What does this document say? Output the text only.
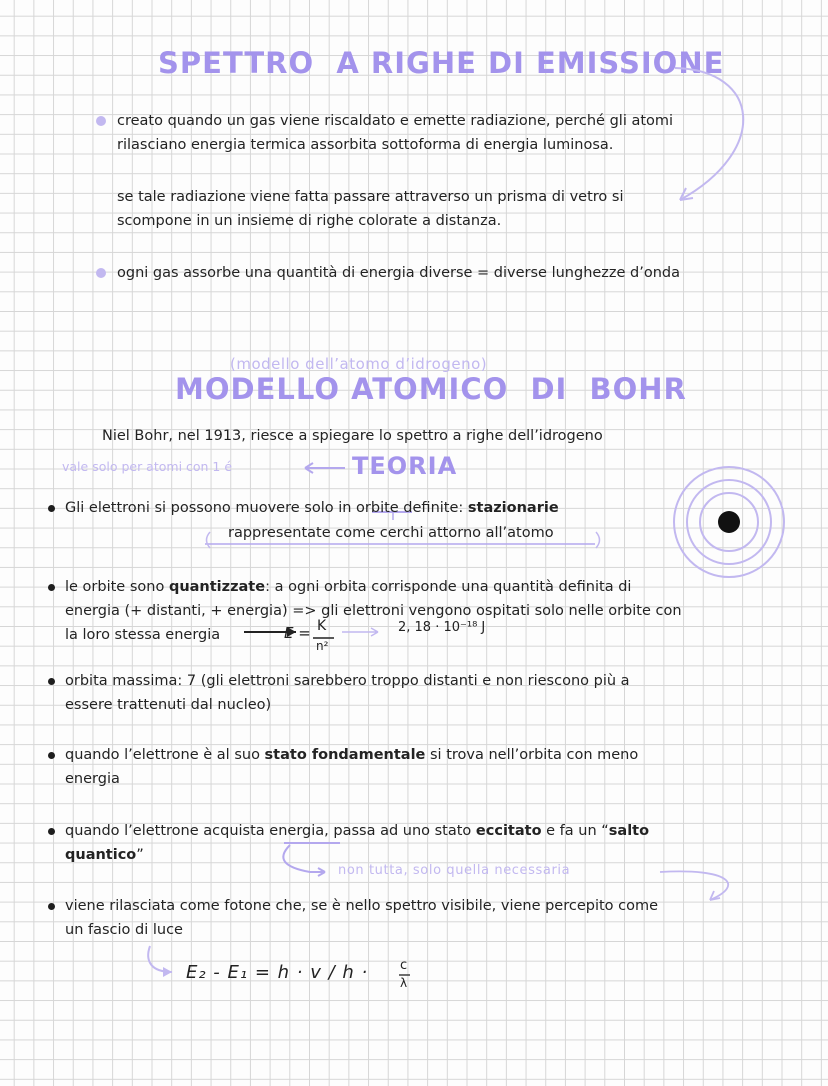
SPETTRO  A RIGHE DI EMISSIONE
creato quando un gas viene riscaldato e emette radiazione, perché gli atomi
rilasciano energia termica assorbita sottoforma di energia luminosa.
se tale radiazione viene fatta passare attraverso un prisma di vetro si
scompone in un insieme di righe colorate a distanza.
ogni gas assorbe una quantità di energia diverse = diverse lunghezze d’onda
(modello dell’atomo d’idrogeno)
MODELLO ATOMICO  DI  BOHR
Niel Bohr, nel 1913, riesce a spiegare lo spettro a righe dell’idrogeno
vale solo per atomi con 1 é	TEORIA
Gli elettroni si possono muovere solo in orbite definite: stazionarie
rappresentate come cerchi attorno all’atomo
le orbite sono quantizzate: a ogni orbita corrisponde una quantità definita di
energia (+ distanti, + energia) => gli elettroni vengono ospitati solo nelle orbite con
la loro stessa energia	E = K
n²
2, 18 · 10⁻¹⁸ J
orbita massima: 7 (gli elettroni sarebbero troppo distanti e non riescono più a
essere trattenuti dal nucleo)
quando l’elettrone è al suo stato fondamentale si trova nell’orbita con meno
energia
quando l’elettrone acquista energia, passa ad uno stato eccitato e fa un “salto
quantico”
non tutta, solo quella necessaria
viene rilasciata come fotone che, se è nello spettro visibile, viene percepito come
un fascio di luce
E₂ - E₁ = h · v / h · c
λ
